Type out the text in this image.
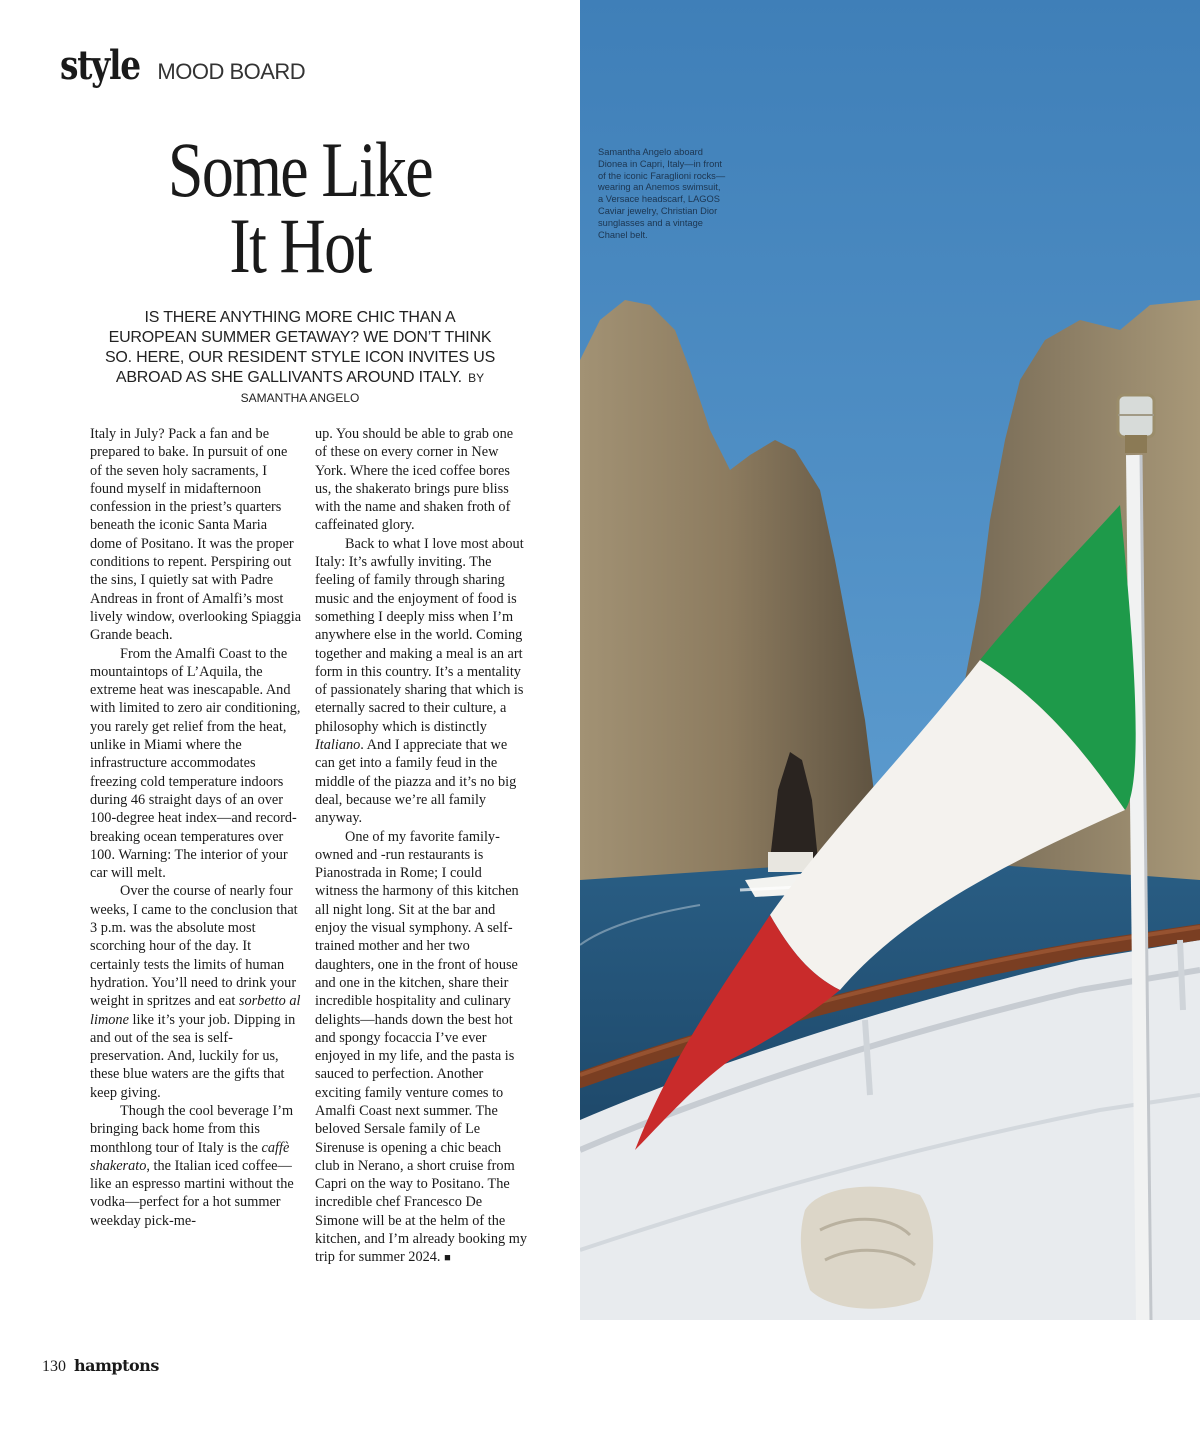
style MOOD BOARD
Some Like
It Hot
IS THERE ANYTHING MORE CHIC THAN A EUROPEAN SUMMER GETAWAY? WE DON’T THINK SO. HERE, OUR RESIDENT STYLE ICON INVITES US ABROAD AS SHE GALLIVANTS AROUND ITALY. BY SAMANTHA ANGELO

Italy in July? Pack a fan and be prepared to bake. In pursuit of one of the seven holy sacraments, I found myself in midafternoon confession in the priest’s quarters beneath the iconic Santa Maria dome of Positano. It was the proper conditions to repent. Perspiring out the sins, I quietly sat with Padre Andreas in front of Amalfi’s most lively window, overlooking Spiaggia Grande beach.

From the Amalfi Coast to the mountaintops of L’Aquila, the extreme heat was inescapable. And with limited to zero air conditioning, you rarely get relief from the heat, unlike in Miami where the infrastructure accommodates freezing cold temperature indoors during 46 straight days of an over 100-degree heat index—and record-breaking ocean temperatures over 100. Warning: The interior of your car will melt.

Over the course of nearly four weeks, I came to the conclusion that 3 p.m. was the absolute most scorching hour of the day. It certainly tests the limits of human hydration. You’ll need to drink your weight in spritzes and eat sorbetto al limone like it’s your job. Dipping in and out of the sea is self-preservation. And, luckily for us, these blue waters are the gifts that keep giving.

Though the cool beverage I’m bringing back home from this monthlong tour of Italy is the caffè shakerato, the Italian iced coffee—like an espresso martini without the vodka—perfect for a hot summer weekday pick-me-

up. You should be able to grab one of these on every corner in New York. Where the iced coffee bores us, the shakerato brings pure bliss with the name and shaken froth of caffeinated glory.

Back to what I love most about Italy: It’s awfully inviting. The feeling of family through sharing music and the enjoyment of food is something I deeply miss when I’m anywhere else in the world. Coming together and making a meal is an art form in this country. It’s a mentality of passionately sharing that which is eternally sacred to their culture, a philosophy which is distinctly Italiano. And I appreciate that we can get into a family feud in the middle of the piazza and it’s no big deal, because we’re all family anyway.

One of my favorite family-owned and -run restaurants is Pianostrada in Rome; I could witness the harmony of this kitchen all night long. Sit at the bar and enjoy the visual symphony. A self-trained mother and her two daughters, one in the front of house and one in the kitchen, share their incredible hospitality and culinary delights—hands down the best hot and spongy focaccia I’ve ever enjoyed in my life, and the pasta is sauced to perfection. Another exciting family venture comes to Amalfi Coast next summer. The beloved Sersale family of Le Sirenuse is opening a chic beach club in Nerano, a short cruise from Capri on the way to Positano. The incredible chef Francesco De Simone will be at the helm of the kitchen, and I’m already booking my trip for summer 2024. ■

Samantha Angelo aboard Dionea in Capri, Italy—in front of the iconic Faraglioni rocks—wearing an Anemos swimsuit, a Versace headscarf, LAGOS Caviar jewelry, Christian Dior sunglasses and a vintage Chanel belt.
130 hamptons
